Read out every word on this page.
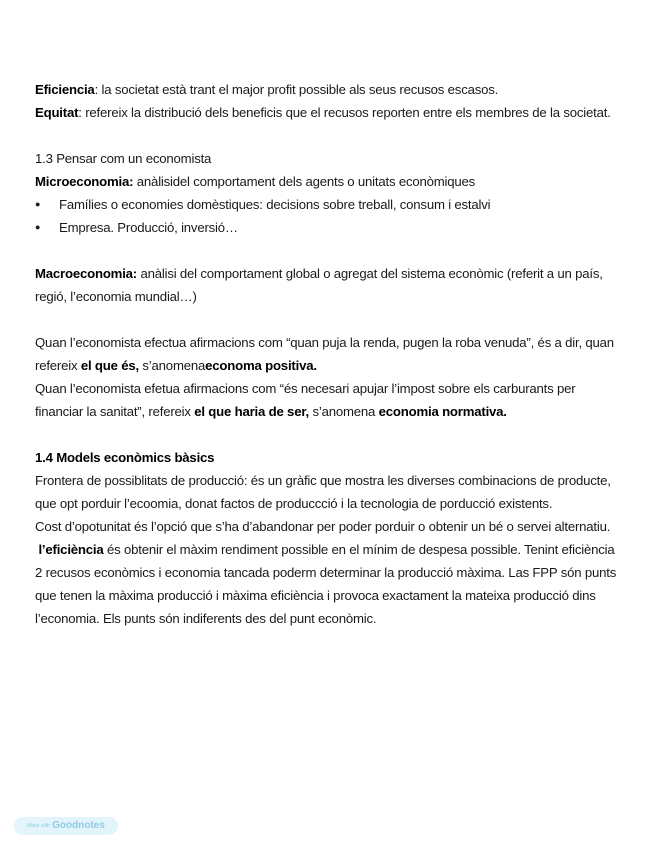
Eficiencia: la societat està trant el major profit possible als seus recusos escasos.

Equitat: refereix la distribució dels beneficis que el recusos reporten entre els membres de la societat.

1.3 Pensar com un economista

Microeconomia: anàlisidel comportament dels agents o unitats econòmiques

● Famílies o economies domèstiques: decisions sobre treball, consum i estalvi
● Empresa. Producció, inversió…

Macroeconomia: anàlisi del comportament global o agregat del sistema econòmic (referit a un país, regió, l’economia mundial…)

Quan l’economista efectua afirmacions com “quan puja la renda, pugen la roba venuda”, és a dir, quan refereix el que és, s’anomenaeconoma positiva.

Quan l’economista efetua afirmacions com “és necesari apujar l’impost sobre els carburants per financiar la sanitat”, refereix el que haria de ser, s’anomena economia normativa.

1.4 Models econòmics bàsics

Frontera de possiblitats de producció: és un gràfic que mostra les diverses combinacions de producte, que opt porduir l’ecoomia, donat factos de produccció i la tecnologia de porducció existents.

Cost d’opotunitat és l’opció que s’ha d’abandonar per poder porduir o obtenir un bé o servei alternatiu.

l’eficiència és obtenir el màxim rendiment possible en el mínim de despesa possible. Tenint eficiència 2 recusos econòmics i economia tancada poderm determinar la producció màxima. Las FPP són punts que tenen la màxima producció i màxima eficiència i provoca exactament la mateixa producció dins l’economia. Els punts són indiferents des del punt econòmic.

Made with Goodnotes
